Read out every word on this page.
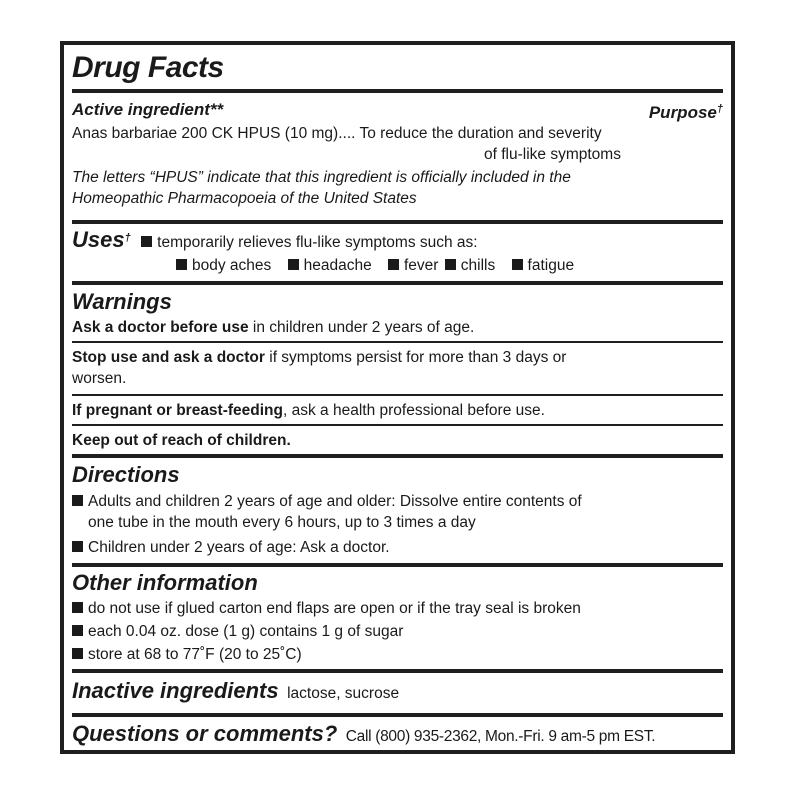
Drug Facts
Active ingredient**	Purpose†
Anas barbariae 200 CK HPUS (10 mg).... To reduce the duration and severity
of flu-like symptoms
The letters “HPUS” indicate that this ingredient is officially included in the
Homeopathic Pharmacopoeia of the United States
Uses† temporarily relieves flu-like symptoms such as:
body aches headache fever chills fatigue
Warnings
Ask a doctor before use in children under 2 years of age.
Stop use and ask a doctor if symptoms persist for more than 3 days or
worsen.
If pregnant or breast-feeding, ask a health professional before use.
Keep out of reach of children.
Directions
Adults and children 2 years of age and older: Dissolve entire contents of
one tube in the mouth every 6 hours, up to 3 times a day
Children under 2 years of age: Ask a doctor.
Other information
do not use if glued carton end flaps are open or if the tray seal is broken
each 0.04 oz. dose (1 g) contains 1 g of sugar
store at 68 to 77˚F (20 to 25˚C)
Inactive ingredients lactose, sucrose
Questions or comments? Call (800) 935-2362, Mon.-Fri. 9 am-5 pm EST.
